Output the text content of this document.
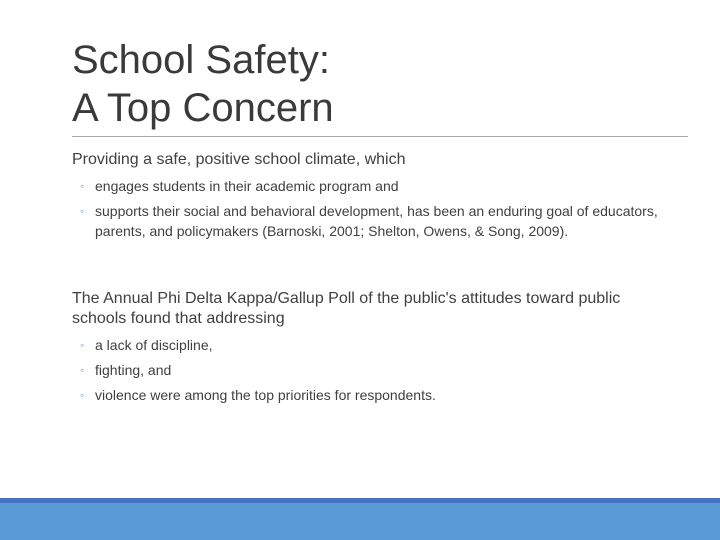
School Safety:
A Top Concern

Providing a safe, positive school climate, which

◦ engages students in their academic program and
◦ supports their social and behavioral development, has been an enduring goal of educators, parents, and policymakers (Barnoski, 2001; Shelton, Owens, & Song, 2009).

The Annual Phi Delta Kappa/Gallup Poll of the public's attitudes toward public schools found that addressing

◦ a lack of discipline,
◦ fighting, and
◦ violence were among the top priorities for respondents.
